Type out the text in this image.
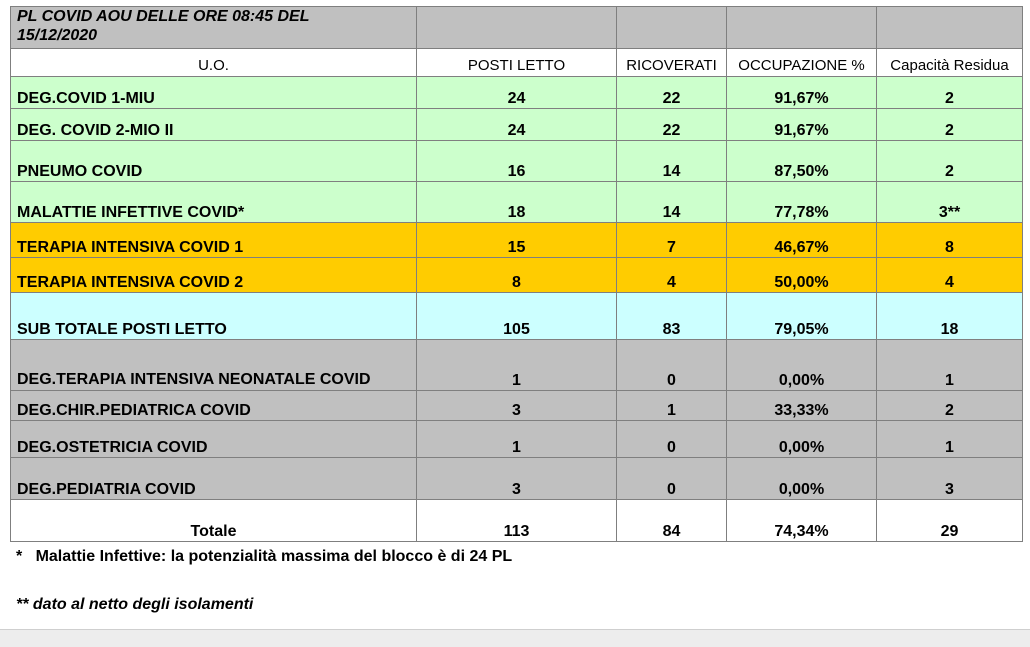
PL COVID AOU DELLE ORE 08:45 DEL
15/12/2020				

U.O.	POSTI LETTO	RICOVERATI	OCCUPAZIONE %	Capacità Residua
DEG.COVID 1-MIU	24	22	91,67%	2
DEG. COVID 2-MIO II	24	22	91,67%	2
PNEUMO COVID	16	14	87,50%	2
MALATTIE INFETTIVE COVID*	18	14	77,78%	3**
TERAPIA INTENSIVA COVID 1	15	7	46,67%	8
TERAPIA INTENSIVA COVID 2	8	4	50,00%	4
SUB TOTALE POSTI LETTO	105	83	79,05%	18
DEG.TERAPIA INTENSIVA NEONATALE COVID	1	0	0,00%	1
DEG.CHIR.PEDIATRICA COVID	3	1	33,33%	2
DEG.OSTETRICIA COVID	1	0	0,00%	1
DEG.PEDIATRIA COVID	3	0	0,00%	3
Totale	113	84	74,34%	29
*   Malattie Infettive: la potenzialità massima del blocco è di 24 PL
** dato al netto degli isolamenti
